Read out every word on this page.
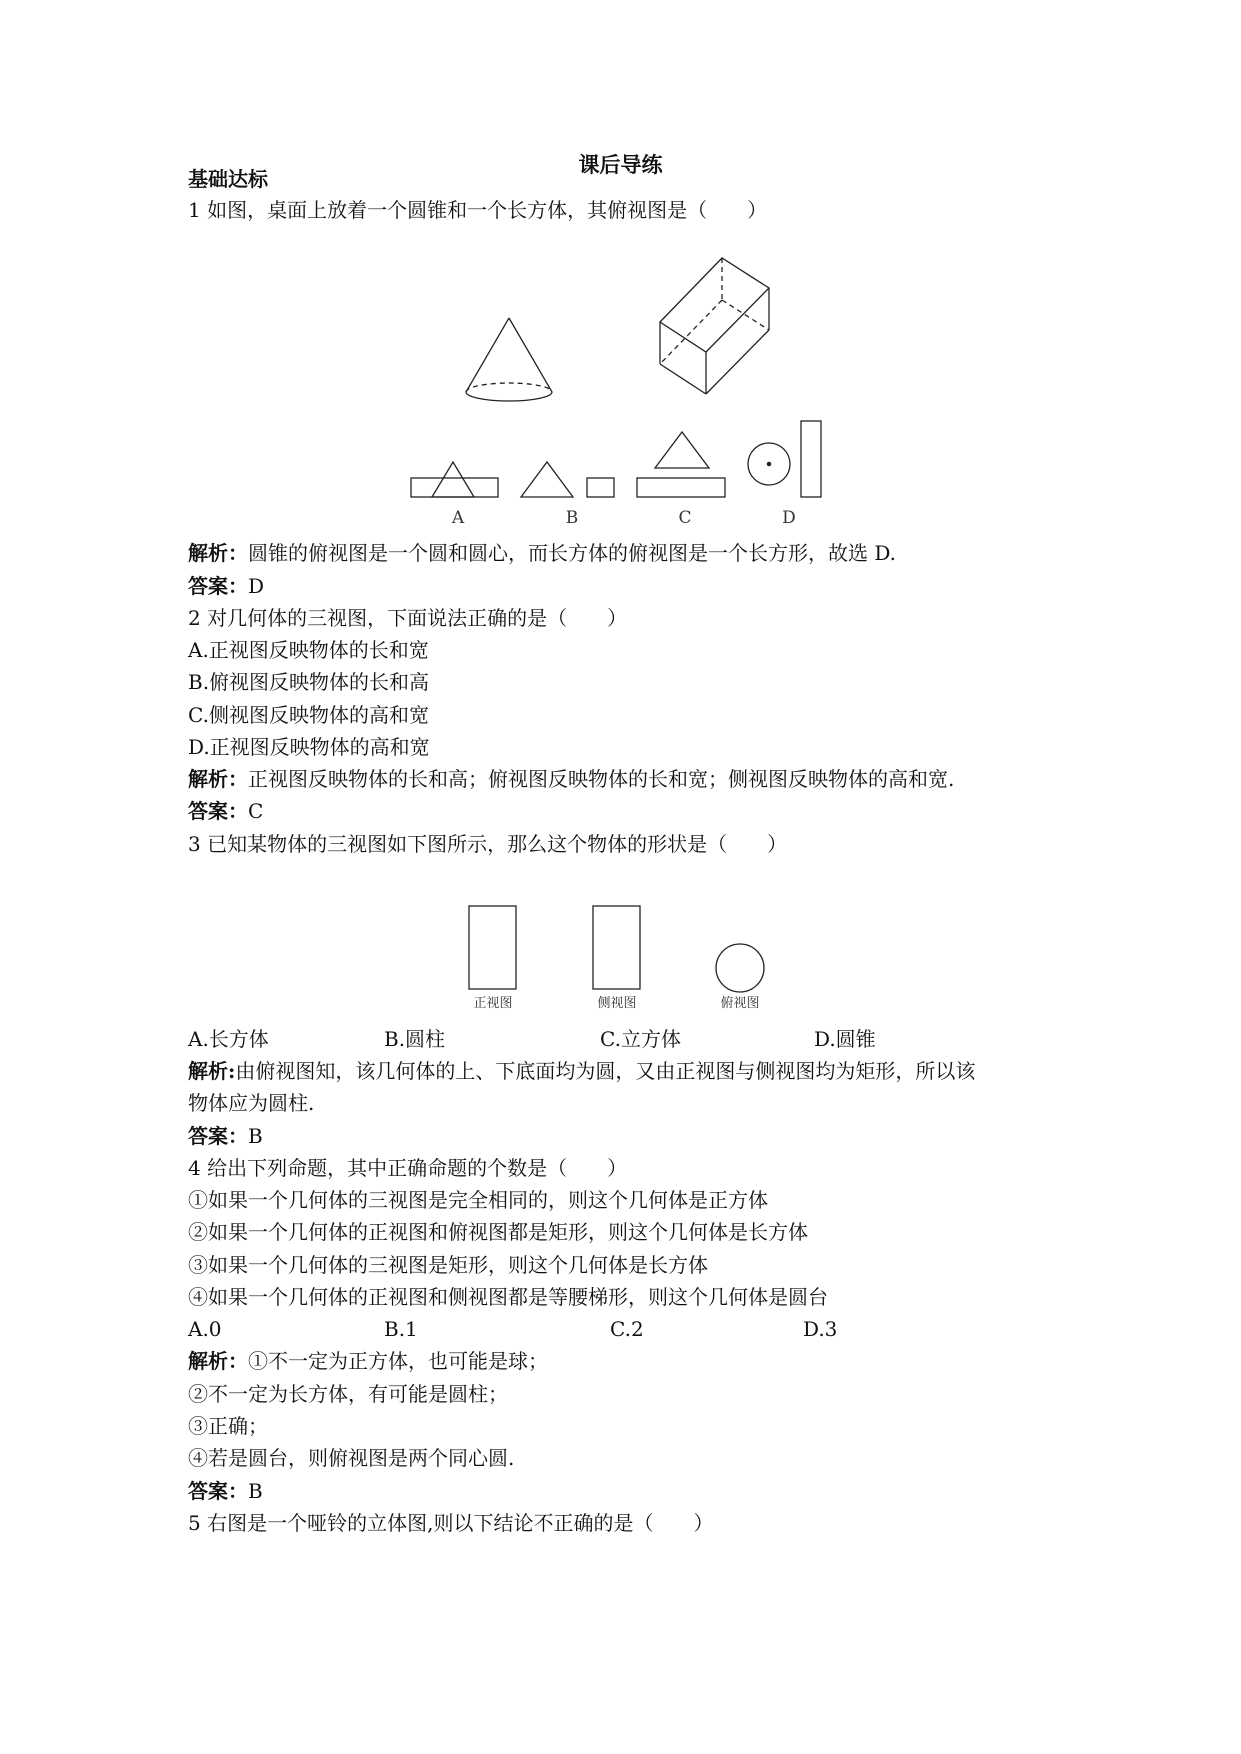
课后导练
基础达标
1 如图，桌面上放着一个圆锥和一个长方体，其俯视图是（　　）
A	B	C	D
正视图	侧视图	俯视图
解析：圆锥的俯视图是一个圆和圆心，而长方体的俯视图是一个长方形，故选 D.
答案：D
2 对几何体的三视图，下面说法正确的是（　　）
A.正视图反映物体的长和宽
B.俯视图反映物体的长和高
C.侧视图反映物体的高和宽
D.正视图反映物体的高和宽
解析：正视图反映物体的长和高；俯视图反映物体的长和宽；侧视图反映物体的高和宽.
答案：C
3 已知某物体的三视图如下图所示，那么这个物体的形状是（　　）
A.长方体	B.圆柱	C.立方体	D.圆锥
解析:由俯视图知，该几何体的上、下底面均为圆，又由正视图与侧视图均为矩形，所以该
物体应为圆柱.
答案：B
4 给出下列命题，其中正确命题的个数是（　　）
①如果一个几何体的三视图是完全相同的，则这个几何体是正方体
②如果一个几何体的正视图和俯视图都是矩形，则这个几何体是长方体
③如果一个几何体的三视图是矩形，则这个几何体是长方体
④如果一个几何体的正视图和侧视图都是等腰梯形，则这个几何体是圆台
A.0	B.1	C.2	D.3
解析：①不一定为正方体，也可能是球；
②不一定为长方体，有可能是圆柱；
③正确；
④若是圆台，则俯视图是两个同心圆.
答案：B
5 右图是一个哑铃的立体图,则以下结论不正确的是（　　）
